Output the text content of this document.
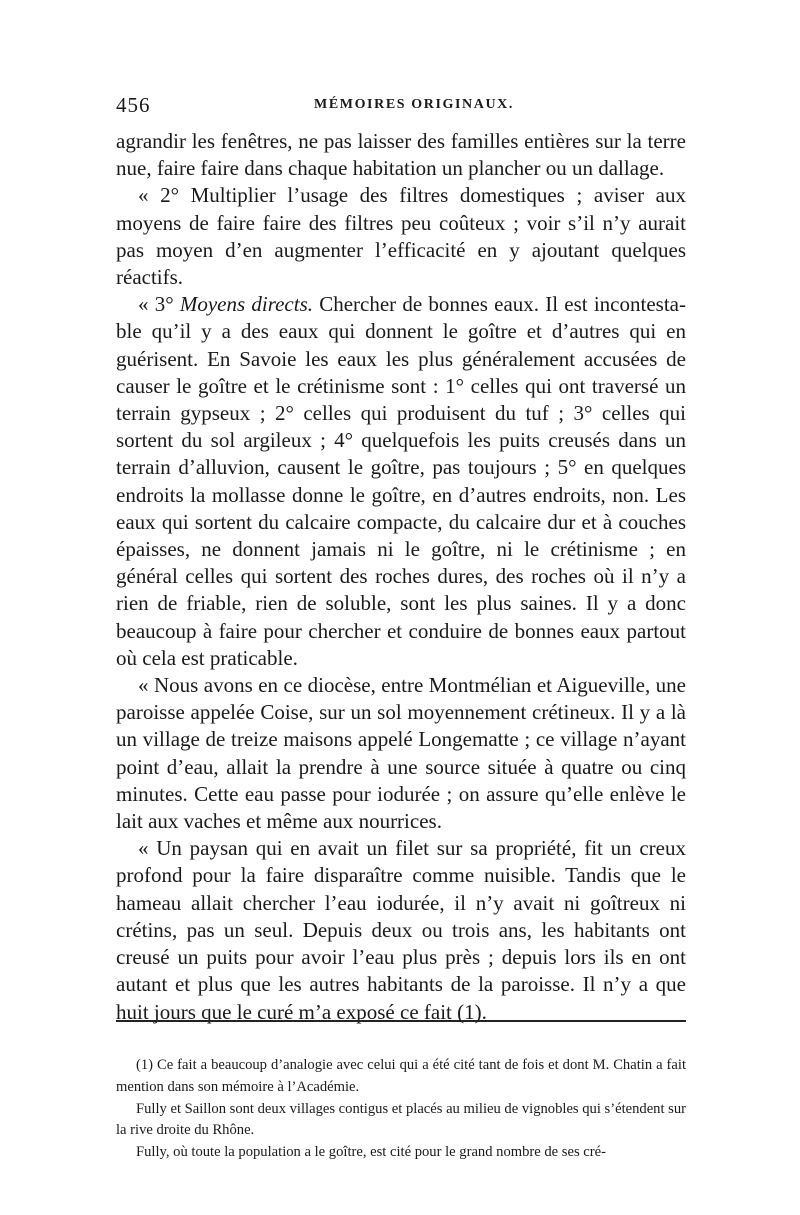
456	MÉMOIRES ORIGINAUX.

agrandir les fenêtres, ne pas laisser des familles entières sur la terre nue, faire faire dans chaque habitation un plancher ou un dallage.

« 2° Multiplier l’usage des filtres domestiques ; aviser aux moyens de faire faire des filtres peu coûteux ; voir s’il n’y aurait pas moyen d’en augmenter l’efficacité en y ajoutant quelques réactifs.

« 3° Moyens directs. Chercher de bonnes eaux. Il est incontestable qu’il y a des eaux qui donnent le goître et d’autres qui en guérisent. En Savoie les eaux les plus généralement accusées de causer le goître et le crétinisme sont : 1° celles qui ont traversé un terrain gypseux ; 2° celles qui produisent du tuf ; 3° celles qui sortent du sol argileux ; 4° quelquefois les puits creusés dans un terrain d’alluvion, causent le goître, pas toujours ; 5° en quelques endroits la mollasse donne le goître, en d’autres endroits, non. Les eaux qui sortent du calcaire compacte, du calcaire dur et à couches épaisses, ne donnent jamais ni le goître, ni le crétinisme ; en général celles qui sortent des roches dures, des roches où il n’y a rien de friable, rien de soluble, sont les plus saines. Il y a donc beaucoup à faire pour chercher et conduire de bonnes eaux partout où cela est praticable.

« Nous avons en ce diocèse, entre Montmélian et Aigueville, une paroisse appelée Coise, sur un sol moyennement crétineux. Il y a là un village de treize maisons appelé Longematte ; ce village n’ayant point d’eau, allait la prendre à une source située à quatre ou cinq minutes. Cette eau passe pour iodurée ; on assure qu’elle enlève le lait aux vaches et même aux nourrices.

« Un paysan qui en avait un filet sur sa propriété, fit un creux profond pour la faire disparaître comme nuisible. Tandis que le hameau allait chercher l’eau iodurée, il n’y avait ni goîtreux ni crétins, pas un seul. Depuis deux ou trois ans, les habitants ont creusé un puits pour avoir l’eau plus près ; depuis lors ils en ont autant et plus que les autres habitants de la paroisse. Il n’y a que huit jours que le curé m’a exposé ce fait (1).

(1) Ce fait a beaucoup d’analogie avec celui qui a été cité tant de fois et dont M. Chatin a fait mention dans son mémoire à l’Académie.

Fully et Saillon sont deux villages contigus et placés au milieu de vignobles qui s’étendent sur la rive droite du Rhône.

Fully, où toute la population a le goître, est cité pour le grand nombre de ses cré-
